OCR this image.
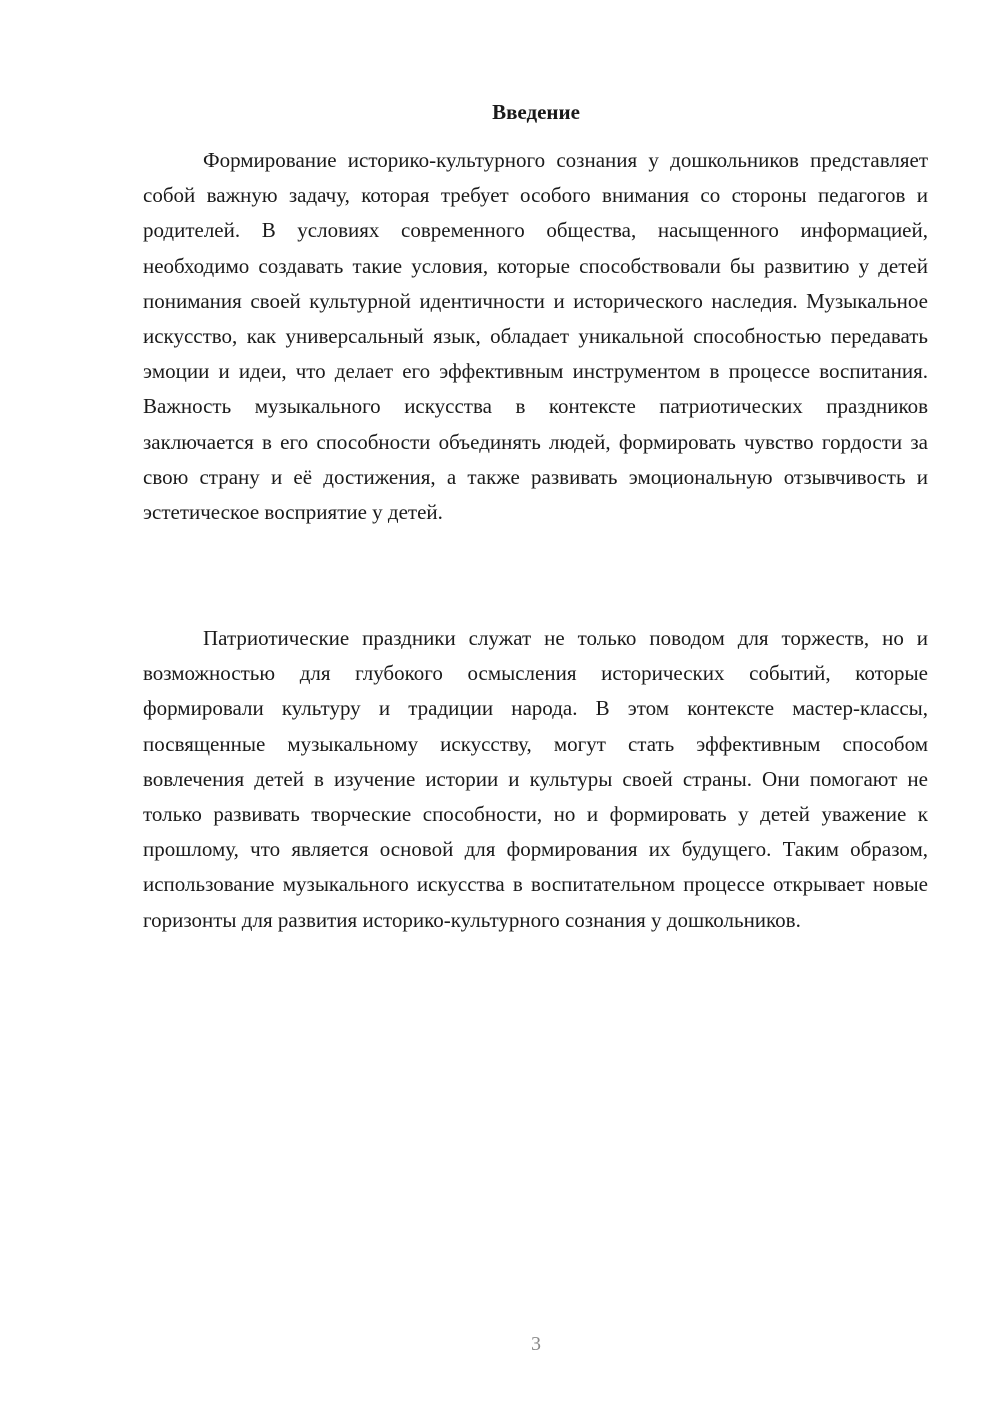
Введение

Формирование историко-культурного сознания у дошкольников представляет собой важную задачу, которая требует особого внимания со стороны педагогов и родителей. В условиях современного общества, насыщенного информацией, необходимо создавать такие условия, которые способствовали бы развитию у детей понимания своей культурной идентичности и исторического наследия. Музыкальное искусство, как универсальный язык, обладает уникальной способностью передавать эмоции и идеи, что делает его эффективным инструментом в процессе воспитания. Важность музыкального искусства в контексте патриотических праздников заключается в его способности объединять людей, формировать чувство гордости за свою страну и её достижения, а также развивать эмоциональную отзывчивость и эстетическое восприятие у детей.

Патриотические праздники служат не только поводом для торжеств, но и возможностью для глубокого осмысления исторических событий, которые формировали культуру и традиции народа. В этом контексте мастер-классы, посвященные музыкальному искусству, могут стать эффективным способом вовлечения детей в изучение истории и культуры своей страны. Они помогают не только развивать творческие способности, но и формировать у детей уважение к прошлому, что является основой для формирования их будущего. Таким образом, использование музыкального искусства в воспитательном процессе открывает новые горизонты для развития историко-культурного сознания у дошкольников.

3
